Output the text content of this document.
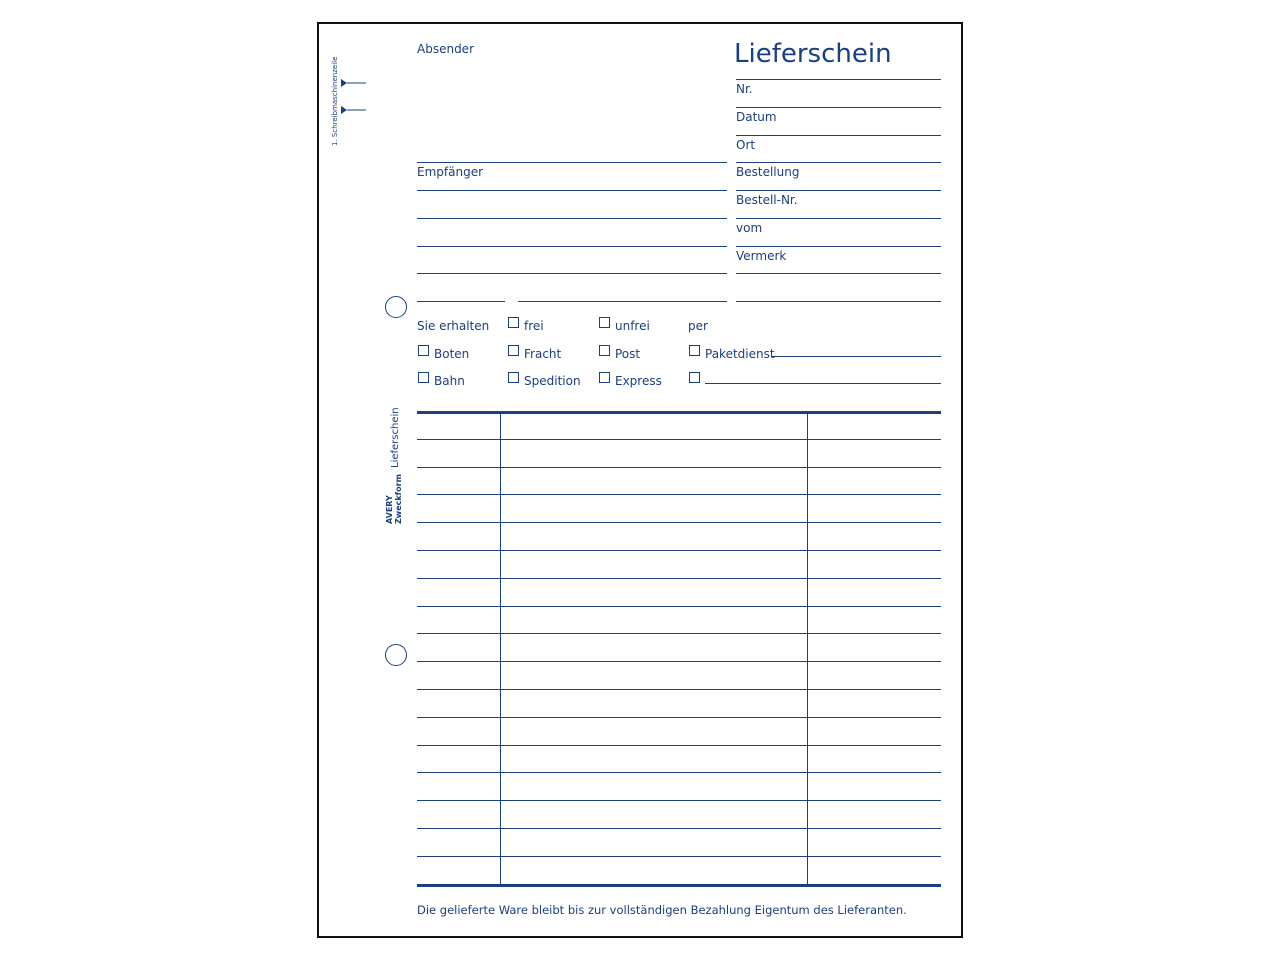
1. Schreibmaschinenzeile
Lieferschein
AVERY Zweckform
Absender
Empfänger
Lieferschein
Nr.
Datum
Ort
Bestellung
Bestell-Nr.
vom
Vermerk
Sie erhalten	frei	unfrei	per
Boten	Fracht	Post	Paketdienst
Bahn	Spedition	Express
Die gelieferte Ware bleibt bis zur vollständigen Bezahlung Eigentum des Lieferanten.
